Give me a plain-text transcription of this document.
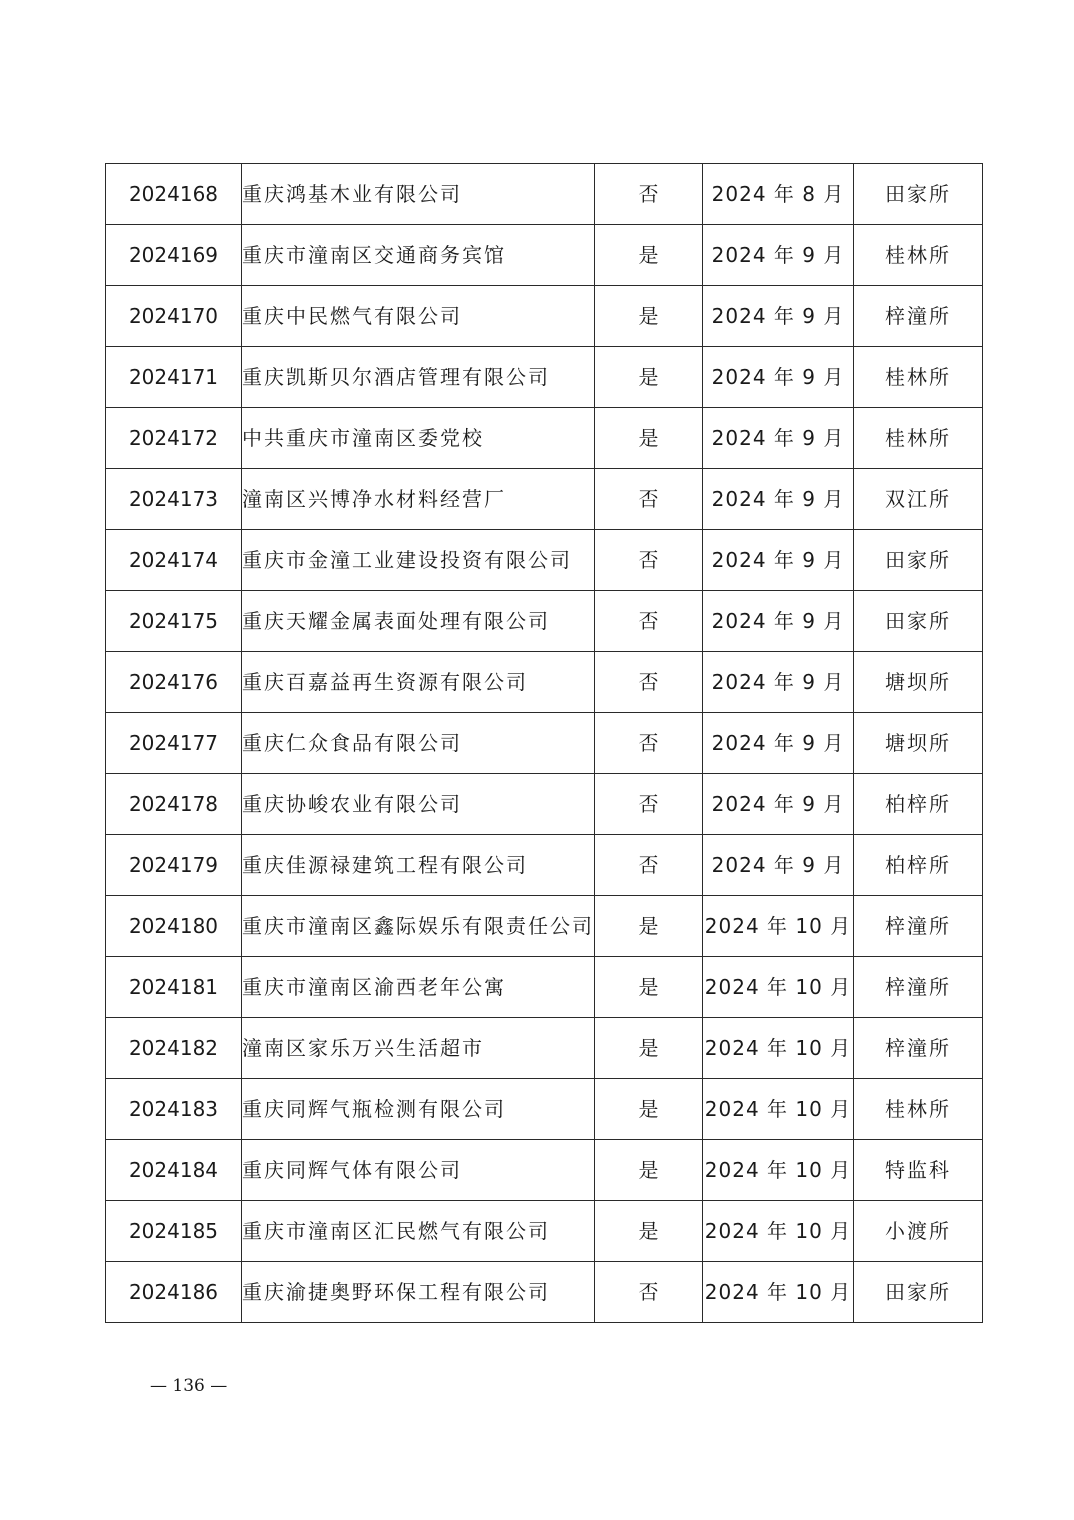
2024168	重庆鸿基木业有限公司	否	2024 年 8 月	田家所
2024169	重庆市潼南区交通商务宾馆	是	2024 年 9 月	桂林所
2024170	重庆中民燃气有限公司	是	2024 年 9 月	梓潼所
2024171	重庆凯斯贝尔酒店管理有限公司	是	2024 年 9 月	桂林所
2024172	中共重庆市潼南区委党校	是	2024 年 9 月	桂林所
2024173	潼南区兴博净水材料经营厂	否	2024 年 9 月	双江所
2024174	重庆市金潼工业建设投资有限公司	否	2024 年 9 月	田家所
2024175	重庆天耀金属表面处理有限公司	否	2024 年 9 月	田家所
2024176	重庆百嘉益再生资源有限公司	否	2024 年 9 月	塘坝所
2024177	重庆仁众食品有限公司	否	2024 年 9 月	塘坝所
2024178	重庆协峻农业有限公司	否	2024 年 9 月	柏梓所
2024179	重庆佳源禄建筑工程有限公司	否	2024 年 9 月	柏梓所
2024180	重庆市潼南区鑫际娱乐有限责任公司	是	2024 年 10 月	梓潼所
2024181	重庆市潼南区渝西老年公寓	是	2024 年 10 月	梓潼所
2024182	潼南区家乐万兴生活超市	是	2024 年 10 月	梓潼所
2024183	重庆同辉气瓶检测有限公司	是	2024 年 10 月	桂林所
2024184	重庆同辉气体有限公司	是	2024 年 10 月	特监科
2024185	重庆市潼南区汇民燃气有限公司	是	2024 年 10 月	小渡所
2024186	重庆渝捷奥野环保工程有限公司	否	2024 年 10 月	田家所
— 136 —
